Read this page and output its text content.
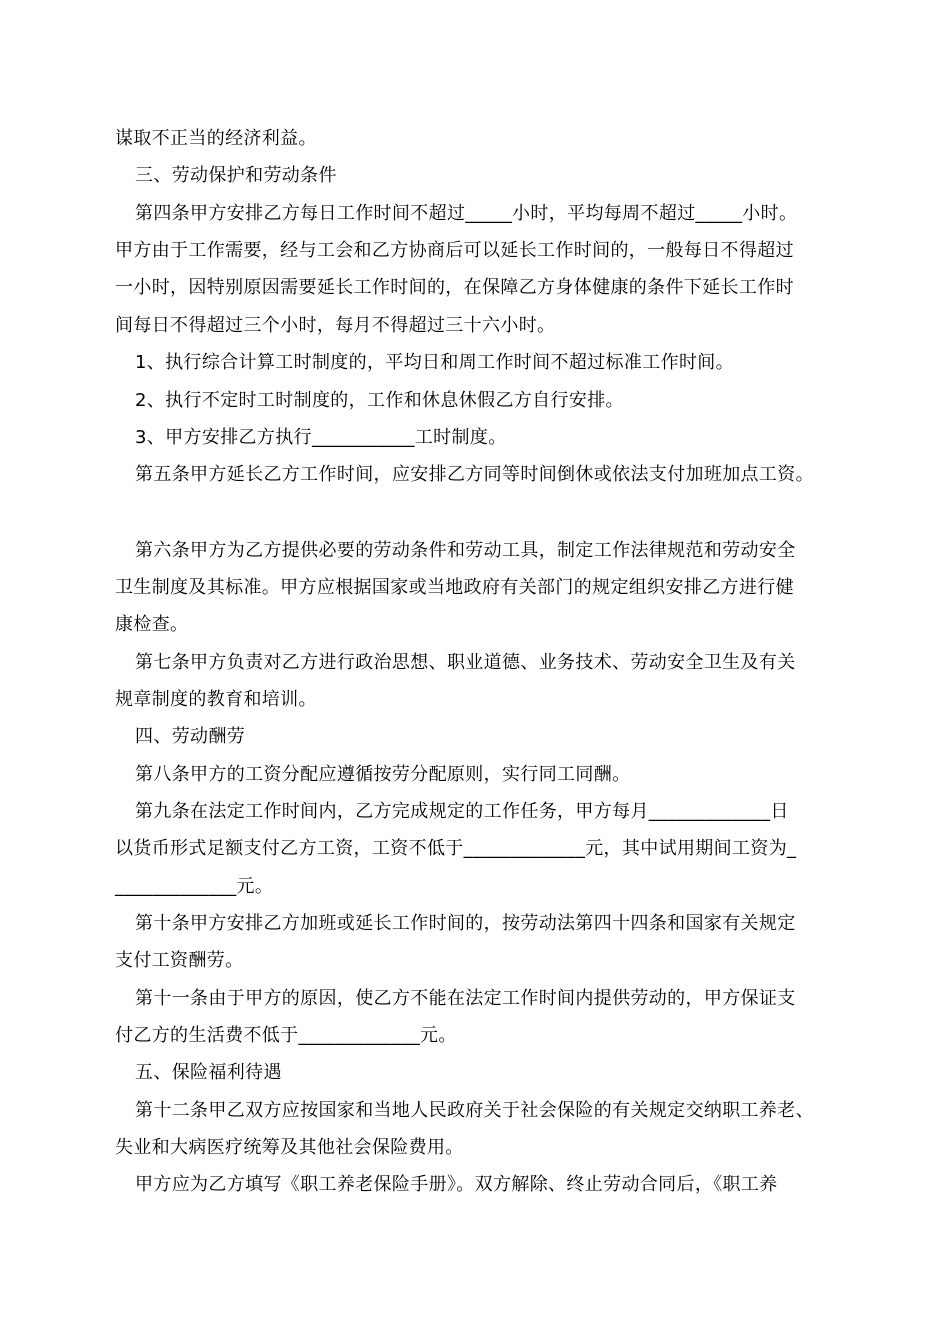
谋取不正当的经济利益。
三、劳动保护和劳动条件
第四条甲方安排乙方每日工作时间不超过_____小时，平均每周不超过_____小时。
甲方由于工作需要，经与工会和乙方协商后可以延长工作时间的，一般每日不得超过
一小时，因特别原因需要延长工作时间的，在保障乙方身体健康的条件下延长工作时
间每日不得超过三个小时，每月不得超过三十六小时。
1、执行综合计算工时制度的，平均日和周工作时间不超过标准工作时间。
2、执行不定时工时制度的，工作和休息休假乙方自行安排。
3、甲方安排乙方执行___________工时制度。
第五条甲方延长乙方工作时间，应安排乙方同等时间倒休或依法支付加班加点工资。
第六条甲方为乙方提供必要的劳动条件和劳动工具，制定工作法律规范和劳动安全
卫生制度及其标准。甲方应根据国家或当地政府有关部门的规定组织安排乙方进行健
康检查。
第七条甲方负责对乙方进行政治思想、职业道德、业务技术、劳动安全卫生及有关
规章制度的教育和培训。
四、劳动酬劳
第八条甲方的工资分配应遵循按劳分配原则，实行同工同酬。
第九条在法定工作时间内，乙方完成规定的工作任务，甲方每月_____________日
以货币形式足额支付乙方工资，工资不低于_____________元，其中试用期间工资为_
_____________元。
第十条甲方安排乙方加班或延长工作时间的，按劳动法第四十四条和国家有关规定
支付工资酬劳。
第十一条由于甲方的原因，使乙方不能在法定工作时间内提供劳动的，甲方保证支
付乙方的生活费不低于_____________元。
五、保险福利待遇
第十二条甲乙双方应按国家和当地人民政府关于社会保险的有关规定交纳职工养老、
失业和大病医疗统筹及其他社会保险费用。
甲方应为乙方填写《职工养老保险手册》。双方解除、终止劳动合同后，《职工养
